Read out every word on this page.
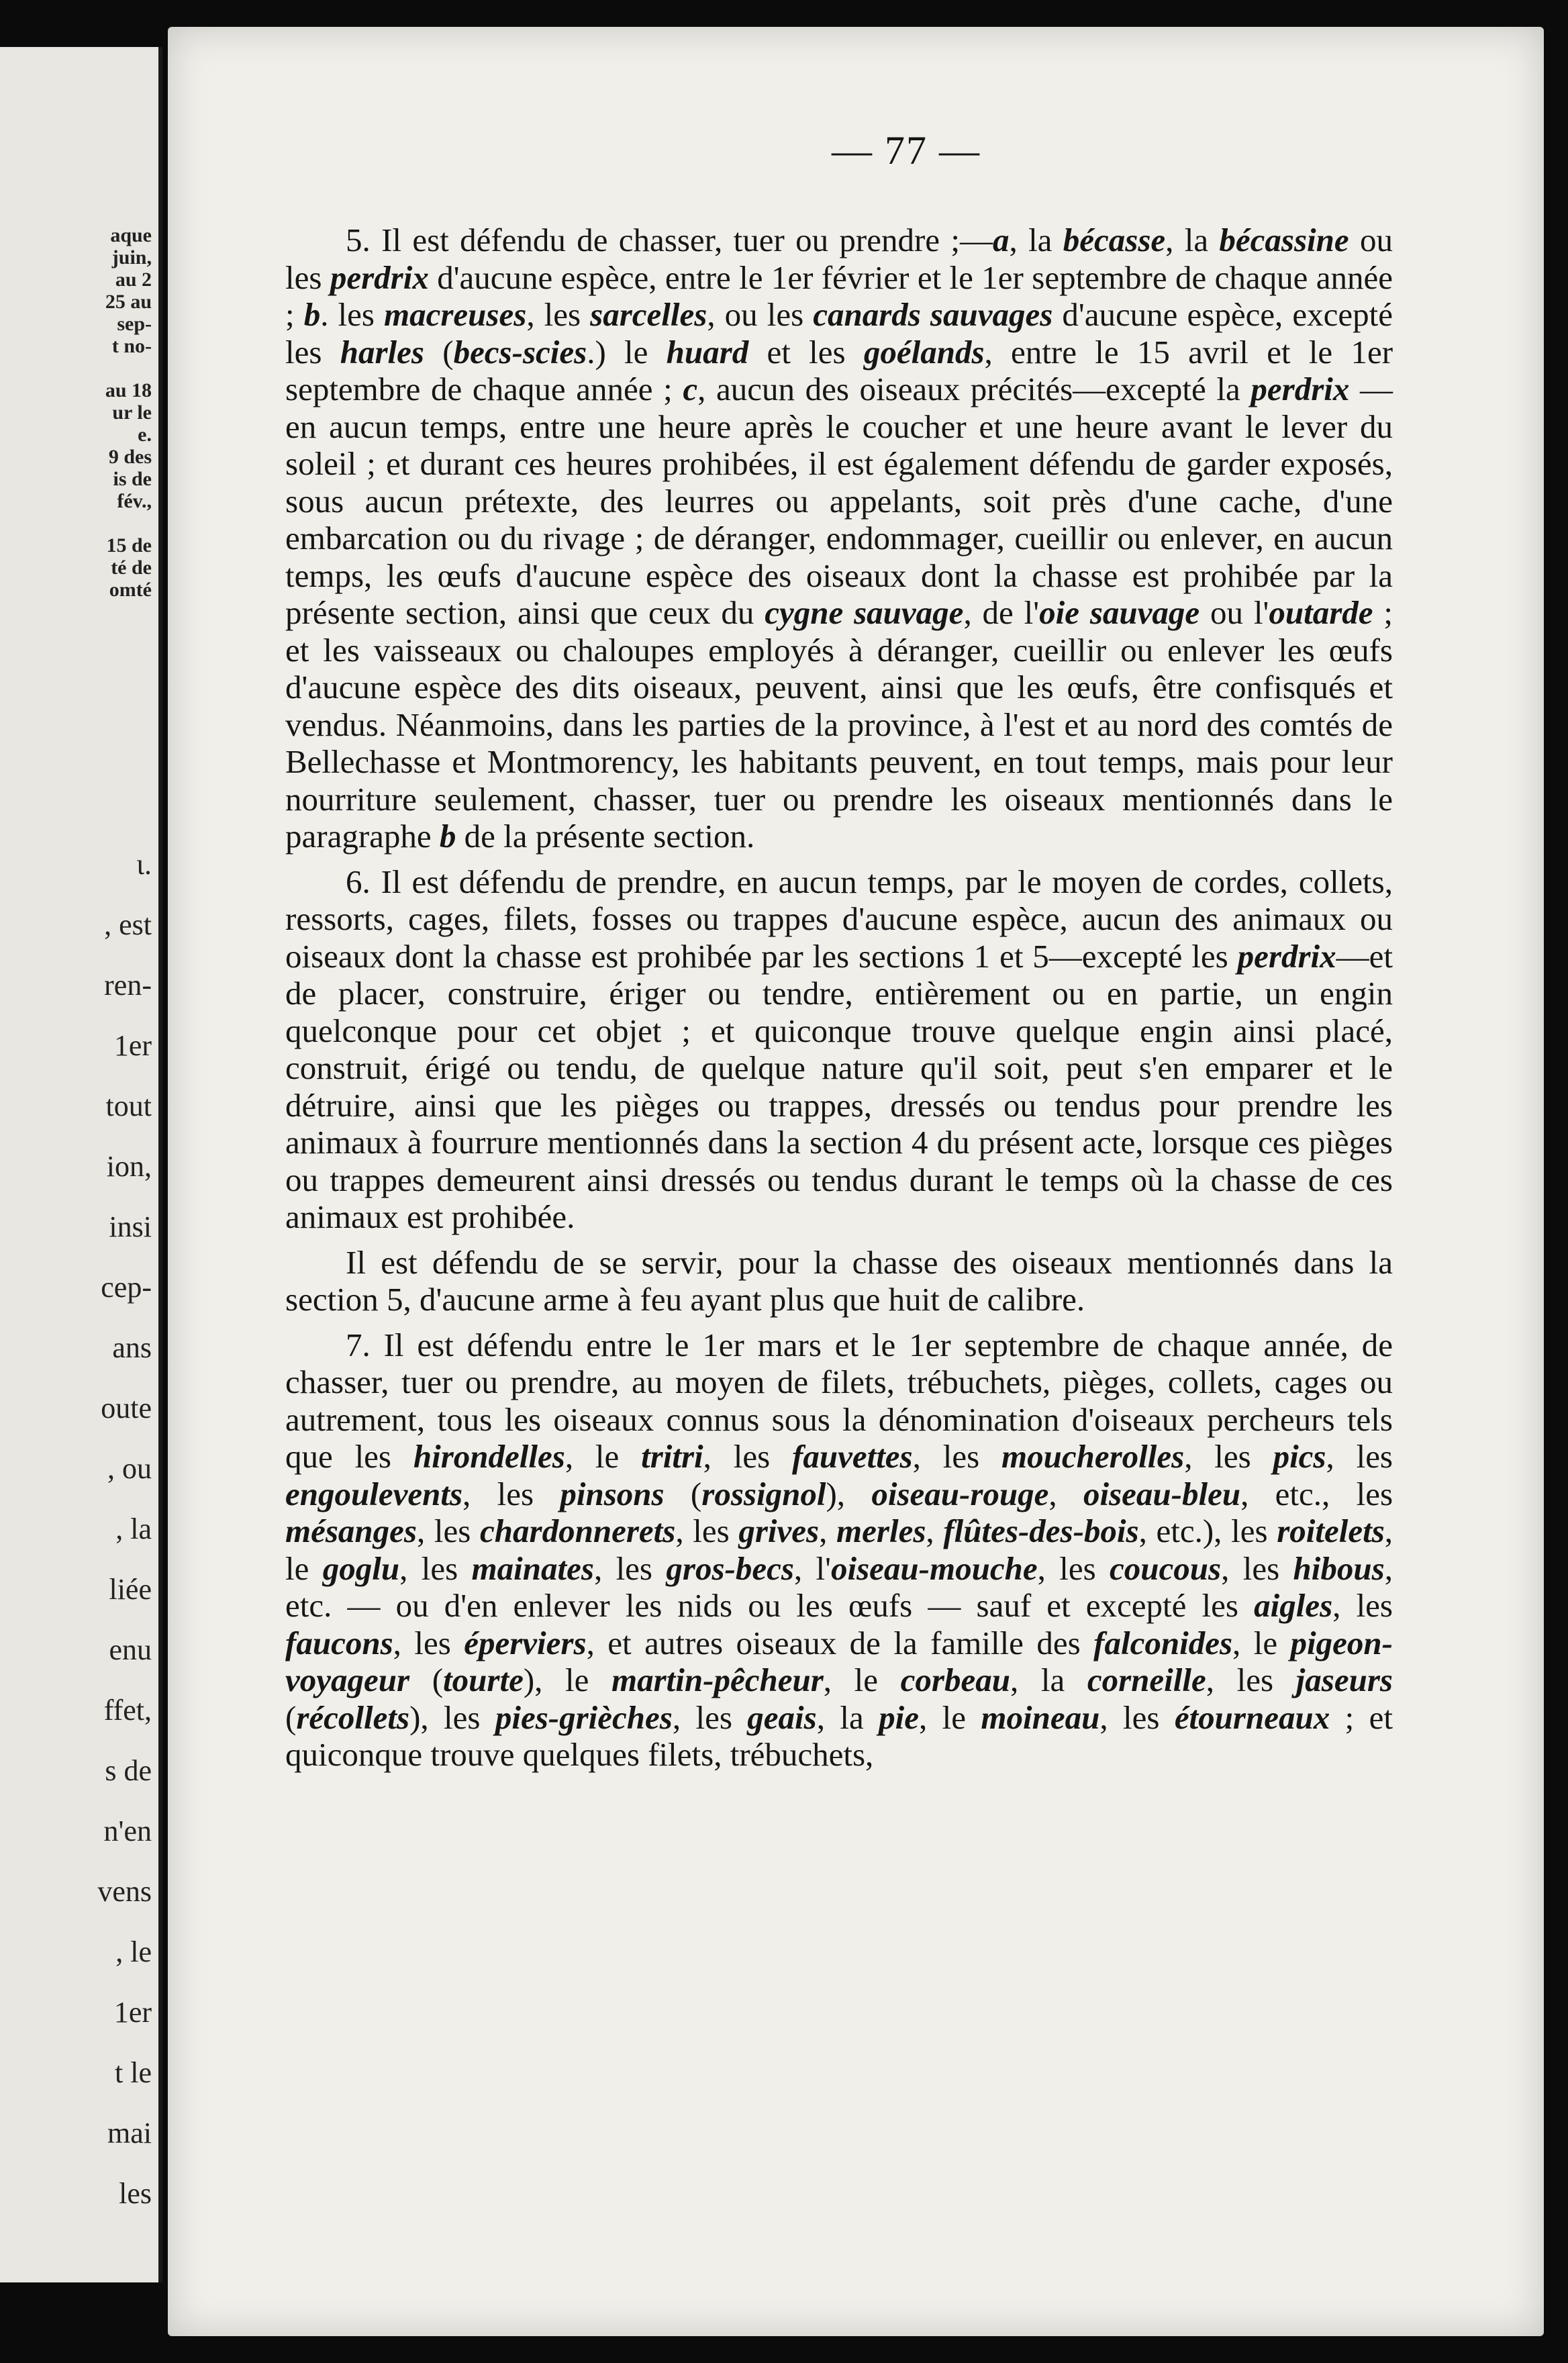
aque
juin,
au 2
25 au
sep-
t no-
au 18
ur le
e.
9 des
is de
fév.,
15 de
té de
omté
ι.
, est
ren-
1er
tout
ion,
insi
cep-
ans
oute
, ou
, la
liée
enu
ffet,
s de
n'en
vens
, le
1er
t le
mai
les
— 77 —

5. Il est défendu de chasser, tuer ou prendre ;—a, la bécasse, la bécassine ou les perdrix d'aucune espèce, entre le 1er février et le 1er septembre de chaque année ; b. les macreuses, les sarcelles, ou les canards sauvages d'aucune espèce, excepté les harles (becs-scies.) le huard et les goélands, entre le 15 avril et le 1er septembre de chaque année ; c, aucun des oiseaux précités—excepté la perdrix — en aucun temps, entre une heure après le coucher et une heure avant le lever du soleil ; et durant ces heures prohibées, il est également défendu de garder exposés, sous aucun prétexte, des leurres ou appelants, soit près d'une cache, d'une embarcation ou du rivage ; de déranger, endommager, cueillir ou enlever, en aucun temps, les œufs d'aucune espèce des oiseaux dont la chasse est prohibée par la présente section, ainsi que ceux du cygne sauvage, de l'oie sauvage ou l'outarde ; et les vaisseaux ou chaloupes employés à déranger, cueillir ou enlever les œufs d'aucune espèce des dits oiseaux, peuvent, ainsi que les œufs, être confisqués et vendus. Néanmoins, dans les parties de la province, à l'est et au nord des comtés de Bellechasse et Montmorency, les habitants peuvent, en tout temps, mais pour leur nourriture seulement, chasser, tuer ou prendre les oiseaux mentionnés dans le paragraphe b de la présente section.

6. Il est défendu de prendre, en aucun temps, par le moyen de cordes, collets, ressorts, cages, filets, fosses ou trappes d'aucune espèce, aucun des animaux ou oiseaux dont la chasse est prohibée par les sections 1 et 5—excepté les perdrix—et de placer, construire, ériger ou tendre, entièrement ou en partie, un engin quelconque pour cet objet ; et quiconque trouve quelque engin ainsi placé, construit, érigé ou tendu, de quelque nature qu'il soit, peut s'en emparer et le détruire, ainsi que les pièges ou trappes, dressés ou tendus pour prendre les animaux à fourrure mentionnés dans la section 4 du présent acte, lorsque ces pièges ou trappes demeurent ainsi dressés ou tendus durant le temps où la chasse de ces animaux est prohibée.

Il est défendu de se servir, pour la chasse des oiseaux mentionnés dans la section 5, d'aucune arme à feu ayant plus que huit de calibre.

7. Il est défendu entre le 1er mars et le 1er septembre de chaque année, de chasser, tuer ou prendre, au moyen de filets, trébuchets, pièges, collets, cages ou autrement, tous les oiseaux connus sous la dénomination d'oiseaux percheurs tels que les hirondelles, le tritri, les fauvettes, les moucherolles, les pics, les engoulevents, les pinsons (rossignol), oiseau-rouge, oiseau-bleu, etc., les mésanges, les chardonnerets, les grives, merles, flûtes-des-bois, etc.), les roitelets, le goglu, les mainates, les gros-becs, l'oiseau-mouche, les coucous, les hibous, etc. — ou d'en enlever les nids ou les œufs — sauf et excepté les aigles, les faucons, les éperviers, et autres oiseaux de la famille des falconides, le pigeon-voyageur (tourte), le martin-pêcheur, le corbeau, la corneille, les jaseurs (récollets), les pies-grièches, les geais, la pie, le moineau, les étourneaux ; et quiconque trouve quelques filets, trébuchets,
